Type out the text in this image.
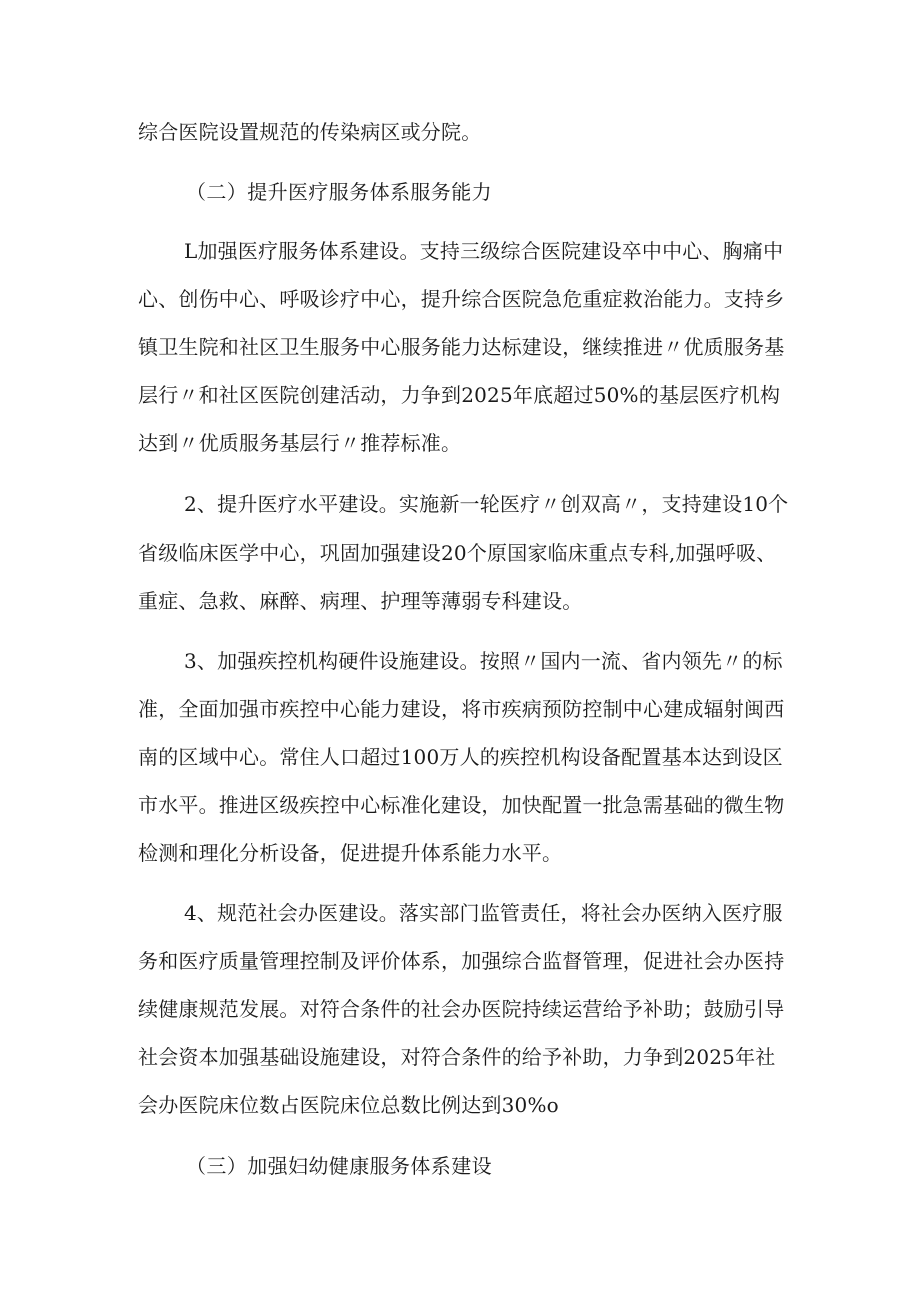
综合医院设置规范的传染病区或分院。

（二）提升医疗服务体系服务能力

L加强医疗服务体系建设。支持三级综合医院建设卒中中心、胸痛中

心、创伤中心、呼吸诊疗中心，提升综合医院急危重症救治能力。支持乡

镇卫生院和社区卫生服务中心服务能力达标建设，继续推进〃优质服务基

层行〃和社区医院创建活动，力争到2025年底超过50%的基层医疗机构

达到〃优质服务基层行〃推荐标准。

2、提升医疗水平建设。实施新一轮医疗〃创双高〃，支持建设10个

省级临床医学中心，巩固加强建设20个原国家临床重点专科,加强呼吸、

重症、急救、麻醉、病理、护理等薄弱专科建设。

3、加强疾控机构硬件设施建设。按照〃国内一流、省内领先〃的标

准，全面加强市疾控中心能力建设，将市疾病预防控制中心建成辐射闽西

南的区域中心。常住人口超过100万人的疾控机构设备配置基本达到设区

市水平。推进区级疾控中心标准化建设，加快配置一批急需基础的微生物

检测和理化分析设备，促进提升体系能力水平。

4、规范社会办医建设。落实部门监管责任，将社会办医纳入医疗服

务和医疗质量管理控制及评价体系，加强综合监督管理，促进社会办医持

续健康规范发展。对符合条件的社会办医院持续运营给予补助；鼓励引导

社会资本加强基础设施建设，对符合条件的给予补助，力争到2025年社

会办医院床位数占医院床位总数比例达到30%o

（三）加强妇幼健康服务体系建设
